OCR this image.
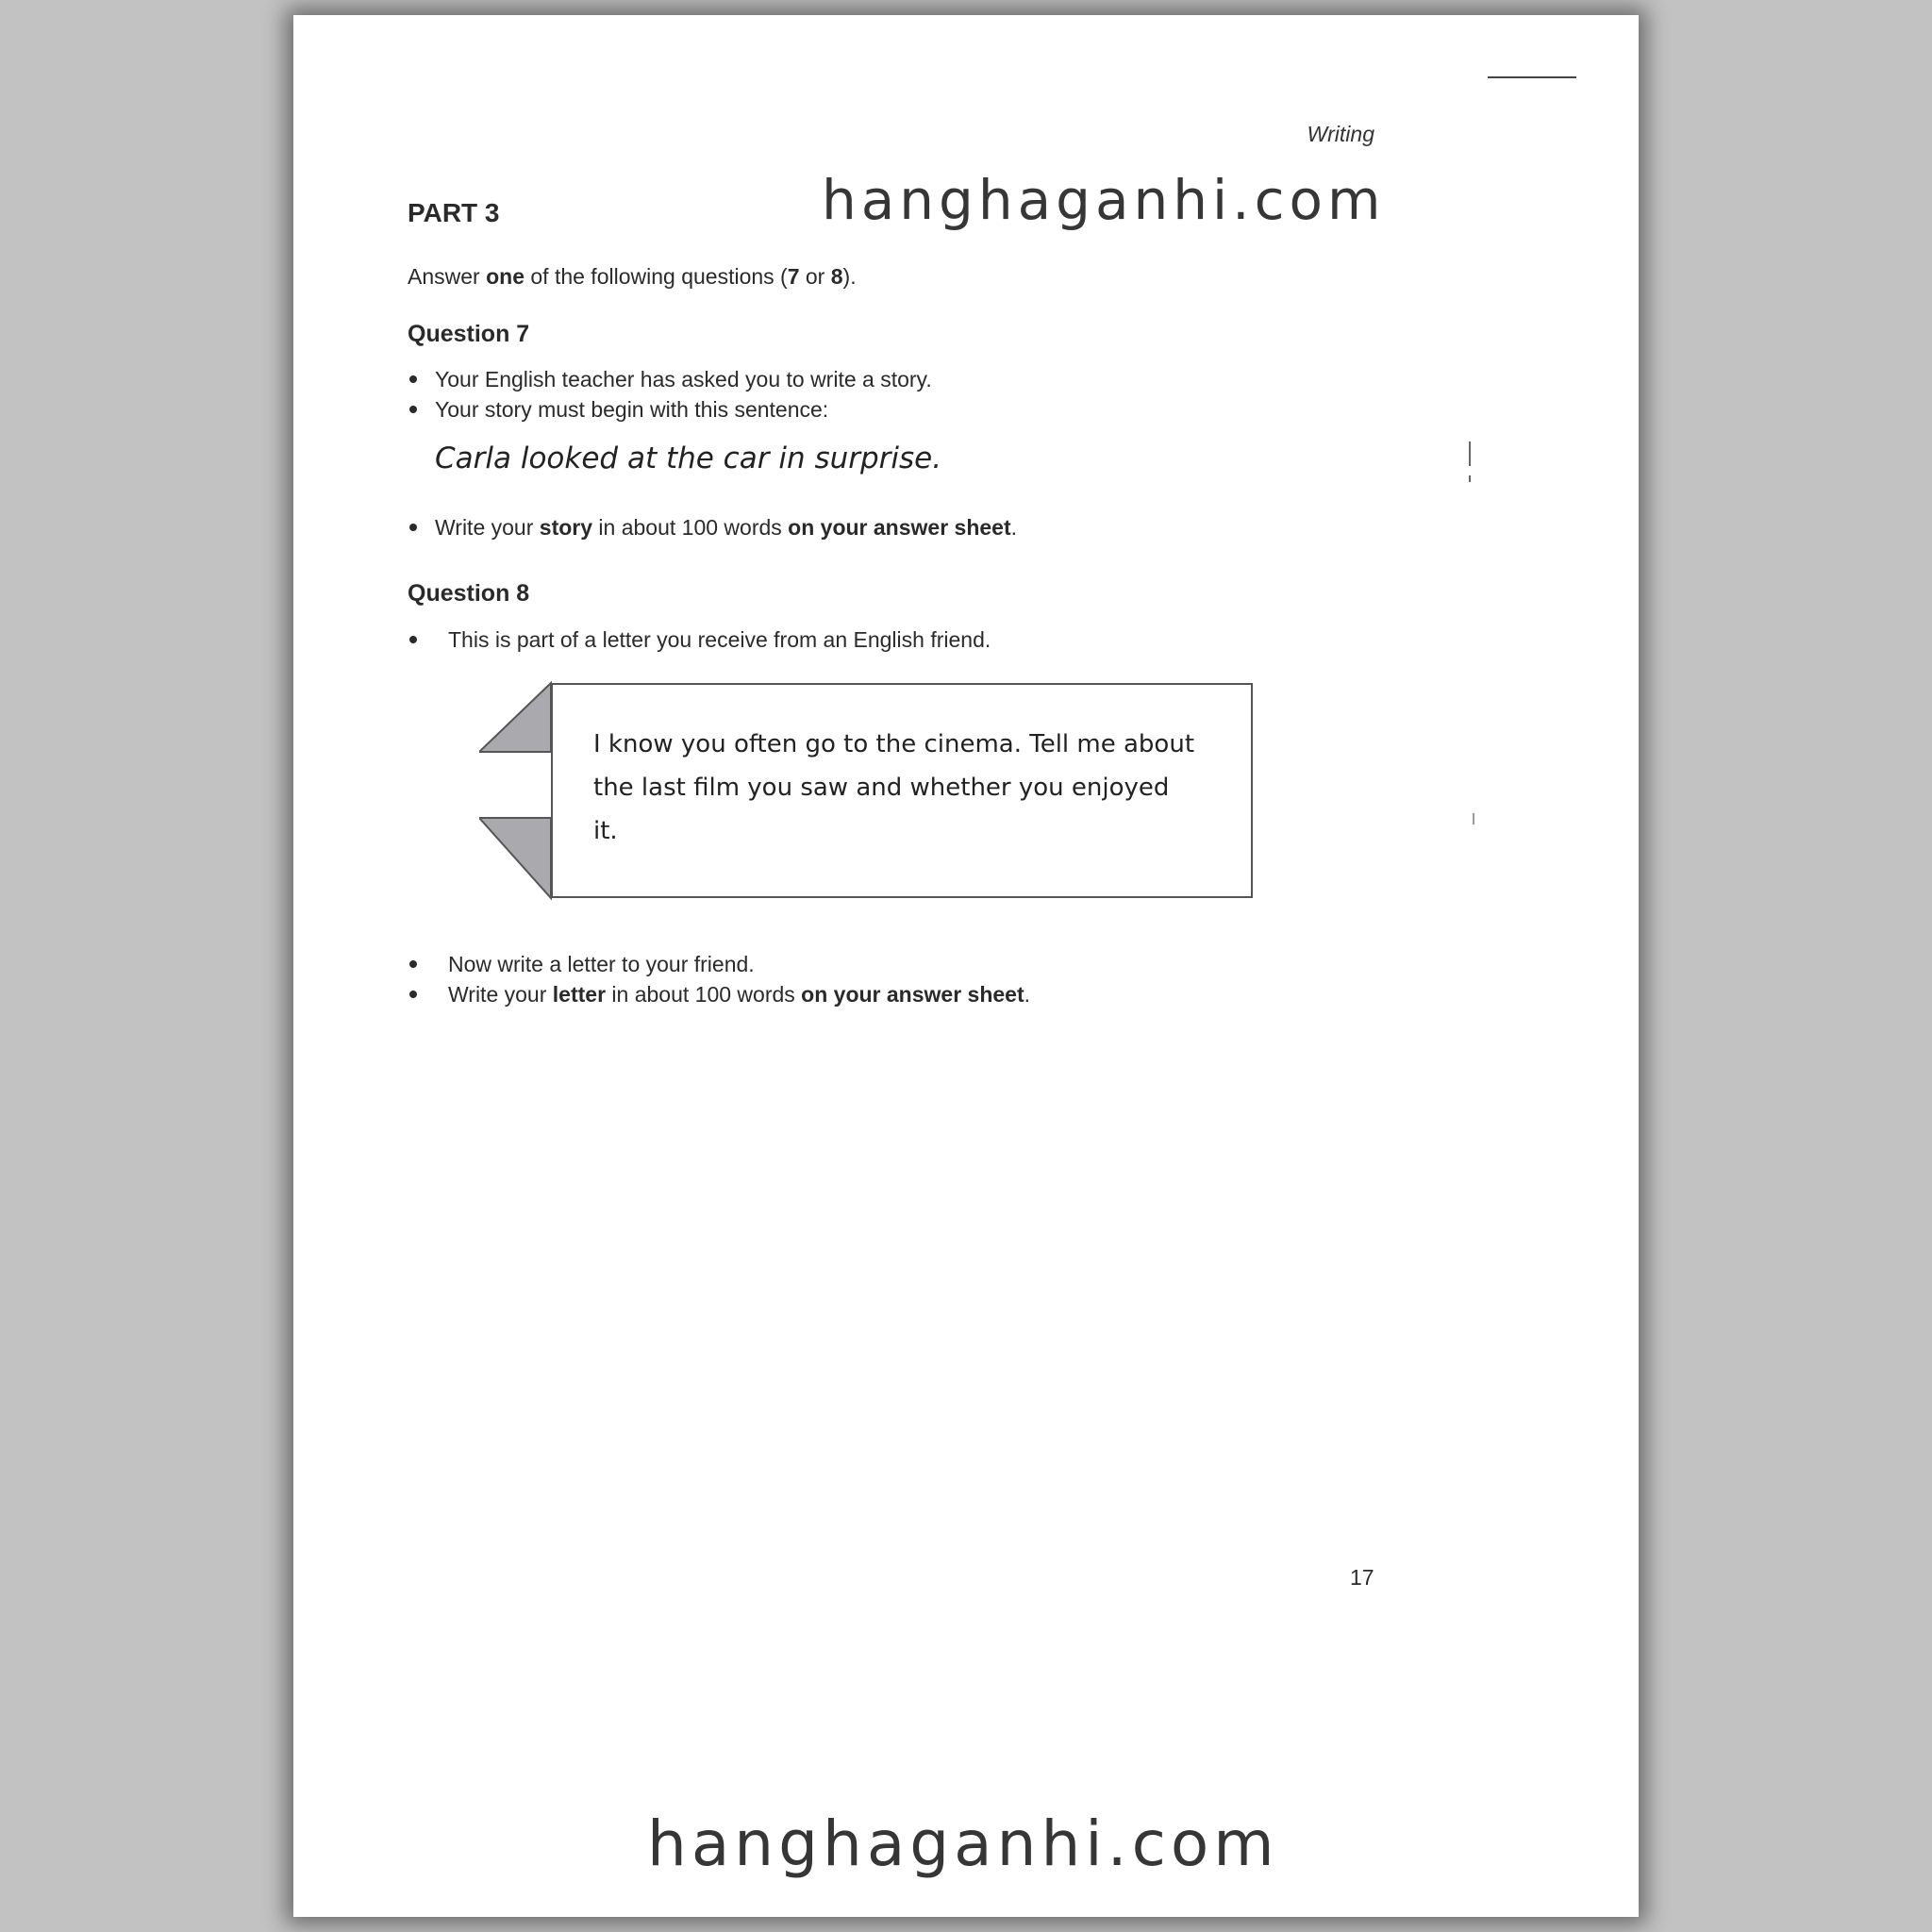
Writing
PART 3
Answer one of the following questions (7 or 8).
Question 7
Your English teacher has asked you to write a story.
Your story must begin with this sentence:
Carla looked at the car in surprise.
Write your story in about 100 words on your answer sheet.
Question 8
This is part of a letter you receive from an English friend.
I know you often go to the cinema. Tell me about the last film you saw and whether you enjoyed it.
Now write a letter to your friend.
Write your letter in about 100 words on your answer sheet.
17
hanghaganhi.com
hanghaganhi.com
